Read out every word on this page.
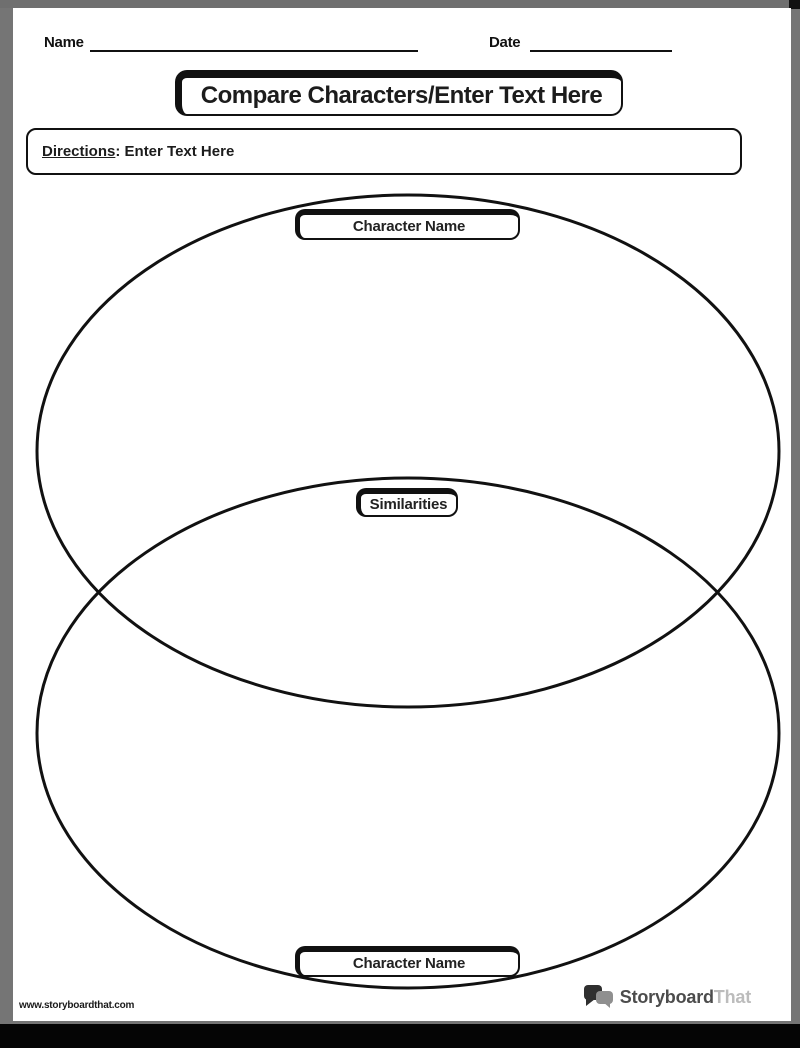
Name	Date
Compare Characters/Enter Text Here
Directions: Enter Text Here
Character Name
Similarities
Character Name
www.storyboardthat.com	StoryboardThat
